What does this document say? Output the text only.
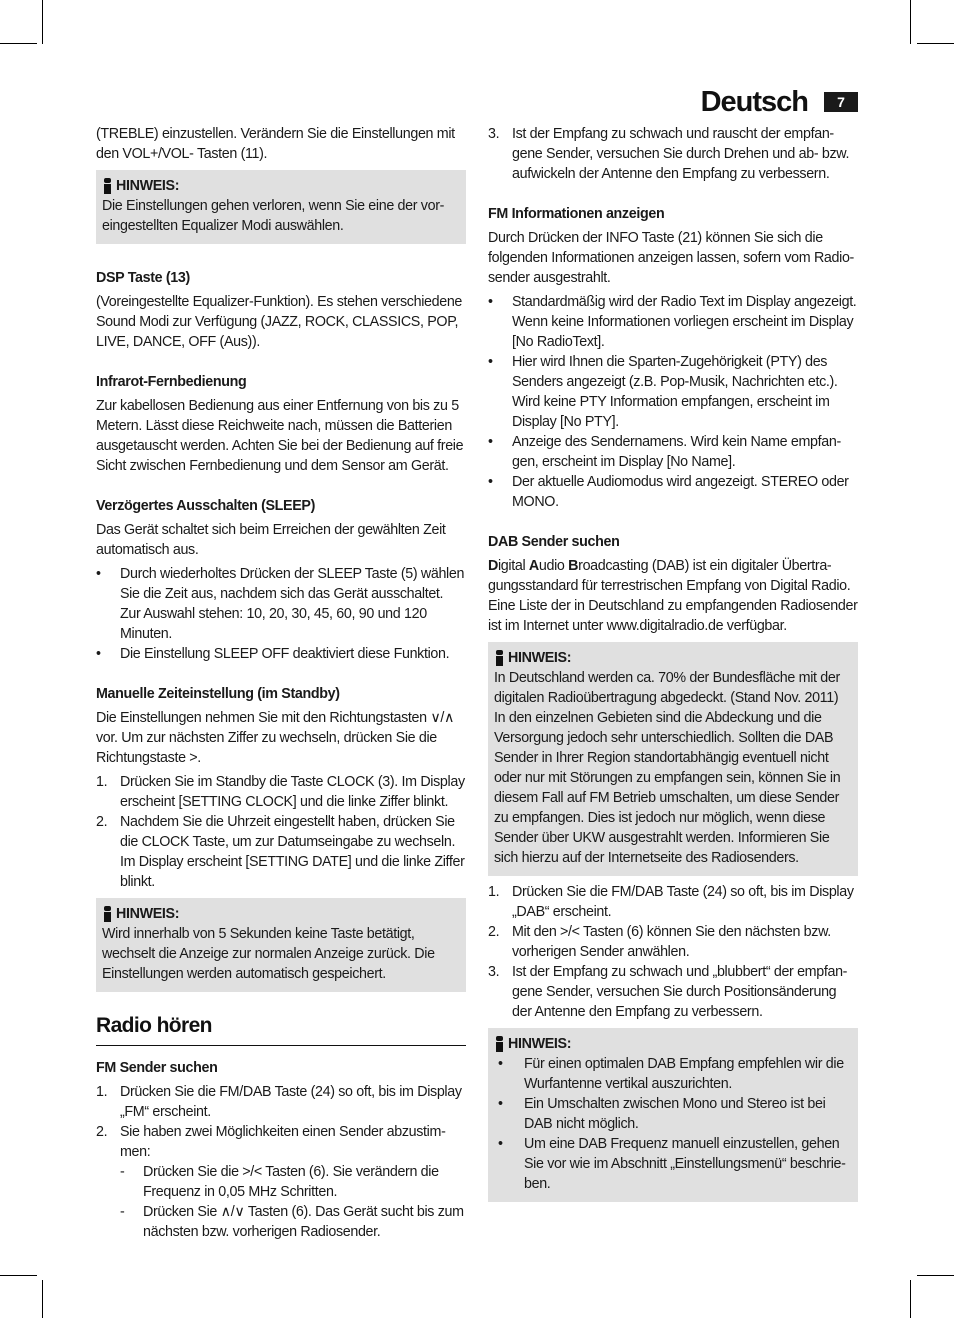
Deutsch	7

(TREBLE) einzustellen. Verändern Sie die Einstellungen mit den VOL+/VOL- Tasten (11).

HINWEIS:

Die Einstellungen gehen verloren, wenn Sie eine der voreingestellten Equalizer Modi auswählen.

DSP Taste (13)

(Voreingestellte Equalizer-Funktion). Es stehen verschiedene Sound Modi zur Verfügung (JAZZ, ROCK, CLASSICS, POP, LIVE, DANCE, OFF (Aus)).

Infrarot-Fernbedienung

Zur kabellosen Bedienung aus einer Entfernung von bis zu 5 Metern. Lässt diese Reichweite nach, müssen die Batterien ausgetauscht werden. Achten Sie bei der Bedienung auf freie Sicht zwischen Fernbedienung und dem Sensor am Gerät.

Verzögertes Ausschalten (SLEEP)

Das Gerät schaltet sich beim Erreichen der gewählten Zeit automatisch aus.

•	Durch wiederholtes Drücken der SLEEP Taste (5) wählen Sie die Zeit aus, nachdem sich das Gerät ausschaltet. Zur Auswahl stehen: 10, 20, 30, 45, 60, 90 und 120 Minuten.
•	Die Einstellung SLEEP OFF deaktiviert diese Funktion.

Manuelle Zeiteinstellung (im Standby)

Die Einstellungen nehmen Sie mit den Richtungstasten ∨/∧ vor. Um zur nächsten Ziffer zu wechseln, drücken Sie die Richtungstaste >.

1. Drücken Sie im Standby die Taste CLOCK (3). Im Display erscheint [SETTING CLOCK] und die linke Ziffer blinkt.
2. Nachdem Sie die Uhrzeit eingestellt haben, drücken Sie die CLOCK Taste, um zur Datumseingabe zu wechseln. Im Display erscheint [SETTING DATE] und die linke Ziffer blinkt.
HINWEIS:

Wird innerhalb von 5 Sekunden keine Taste betätigt, wechselt die Anzeige zur normalen Anzeige zurück. Die Einstellungen werden automatisch gespeichert.

Radio hören

FM Sender suchen

1. Drücken Sie die FM/DAB Taste (24) so oft, bis im Display „FM“ erscheint.
2. Sie haben zwei Möglichkeiten einen Sender abzustimmen:
-	Drücken Sie die >/< Tasten (6). Sie verändern die Frequenz in 0,05 MHz Schritten.
-	Drücken Sie ∧/∨ Tasten (6). Das Gerät sucht bis zum nächsten bzw. vorherigen Radiosender.
3. Ist der Empfang zu schwach und rauscht der empfangene Sender, versuchen Sie durch Drehen und ab- bzw. aufwickeln der Antenne den Empfang zu verbessern.

FM Informationen anzeigen

Durch Drücken der INFO Taste (21) können Sie sich die folgenden Informationen anzeigen lassen, sofern vom Radiosender ausgestrahlt.

•	Standardmäßig wird der Radio Text im Display angezeigt. Wenn keine Informationen vorliegen erscheint im Display [No RadioText].
•	Hier wird Ihnen die Sparten-Zugehörigkeit (PTY) des Senders angezeigt (z.B. Pop-Musik, Nachrichten etc.). Wird keine PTY Information empfangen, erscheint im Display [No PTY].
•	Anzeige des Sendernamens. Wird kein Name empfangen, erscheint im Display [No Name].
•	Der aktuelle Audiomodus wird angezeigt. STEREO oder MONO.

DAB Sender suchen

Digital Audio Broadcasting (DAB) ist ein digitaler Übertragungsstandard für terrestrischen Empfang von Digital Radio. Eine Liste der in Deutschland zu empfangenden Radiosender ist im Internet unter www.digitalradio.de verfügbar.

HINWEIS:

In Deutschland werden ca. 70% der Bundesfläche mit der digitalen Radioübertragung abgedeckt. (Stand Nov. 2011) In den einzelnen Gebieten sind die Abdeckung und die Versorgung jedoch sehr unterschiedlich. Sollten die DAB Sender in Ihrer Region standortabhängig eventuell nicht oder nur mit Störungen zu empfangen sein, können Sie in diesem Fall auf FM Betrieb umschalten, um diese Sender zu empfangen. Dies ist jedoch nur möglich, wenn diese Sender über UKW ausgestrahlt werden. Informieren Sie sich hierzu auf der Internetseite des Radiosenders.

1. Drücken Sie die FM/DAB Taste (24) so oft, bis im Display „DAB“ erscheint.
2. Mit den >/< Tasten (6) können Sie den nächsten bzw. vorherigen Sender anwählen.
3. Ist der Empfang zu schwach und „blubbert“ der empfangene Sender, versuchen Sie durch Positionsänderung der Antenne den Empfang zu verbessern.
HINWEIS:
•	Für einen optimalen DAB Empfang empfehlen wir die Wurfantenne vertikal auszurichten.
•	Ein Umschalten zwischen Mono und Stereo ist bei DAB nicht möglich.
•	Um eine DAB Frequenz manuell einzustellen, gehen Sie vor wie im Abschnitt „Einstellungsmenü“ beschrieben.
